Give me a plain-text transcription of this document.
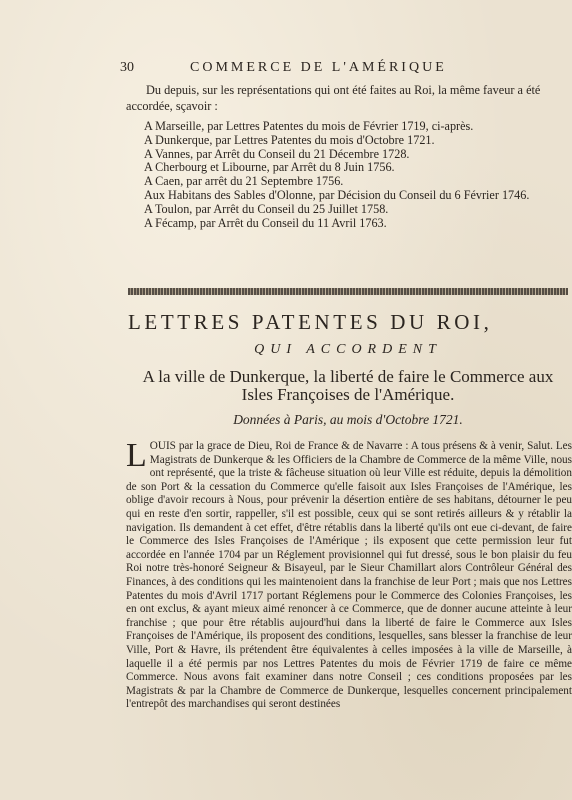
30	COMMERCE DE L'AMÉRIQUE

Du depuis, sur les représentations qui ont été faites au Roi, la même faveur a été accordée, sçavoir :

A Marseille, par Lettres Patentes du mois de Février 1719, ci-après.
A Dunkerque, par Lettres Patentes du mois d'Octobre 1721.
A Vannes, par Arrêt du Conseil du 21 Décembre 1728.
A Cherbourg et Libourne, par Arrêt du 8 Juin 1756.
A Caen, par arrêt du 21 Septembre 1756.
Aux Habitans des Sables d'Olonne, par Décision du Conseil du 6 Février 1746.
A Toulon, par Arrêt du Conseil du 25 Juillet 1758.
A Fécamp, par Arrêt du Conseil du 11 Avril 1763.
LETTRES PATENTES DU ROI,
QUI ACCORDENT
A la ville de Dunkerque, la liberté de faire le Commerce aux Isles Françoises de l'Amérique.
Données à Paris, au mois d'Octobre 1721.
LOUIS par la grace de Dieu, Roi de France & de Navarre : A tous présens & à venir, Salut. Les Magistrats de Dunkerque & les Officiers de la Chambre de Commerce de la même Ville, nous ont représenté, que la triste & fâcheuse situation où leur Ville est réduite, depuis la démolition de son Port & la cessation du Commerce qu'elle faisoit aux Isles Françoises de l'Amérique, les oblige d'avoir recours à Nous, pour prévenir la désertion entière de ses habitans, détourner le peu qui en reste d'en sortir, rappeller, s'il est possible, ceux qui se sont retirés ailleurs & y rétablir la navigation. Ils demandent à cet effet, d'être rétablis dans la liberté qu'ils ont eue ci-devant, de faire le Commerce des Isles Françoises de l'Amérique ; ils exposent que cette permission leur fut accordée en l'année 1704 par un Réglement provisionnel qui fut dressé, sous le bon plaisir du feu Roi notre très-honoré Seigneur & Bisayeul, par le Sieur Chamillart alors Contrôleur Général des Finances, à des conditions qui les maintenoient dans la franchise de leur Port ; mais que nos Lettres Patentes du mois d'Avril 1717 portant Réglemens pour le Commerce des Colonies Françoises, les en ont exclus, & ayant mieux aimé renoncer à ce Commerce, que de donner aucune atteinte à leur franchise ; que pour être rétablis aujourd'hui dans la liberté de faire le Commerce aux Isles Françoises de l'Amérique, ils proposent des conditions, lesquelles, sans blesser la franchise de leur Ville, Port & Havre, ils prétendent être équivalentes à celles imposées à la ville de Marseille, à laquelle il a été permis par nos Lettres Patentes du mois de Février 1719 de faire ce même Commerce. Nous avons fait examiner dans notre Conseil ; ces conditions proposées par les Magistrats & par la Chambre de Commerce de Dunkerque, lesquelles concernent principalement l'entrepôt des marchandises qui seront destinées
